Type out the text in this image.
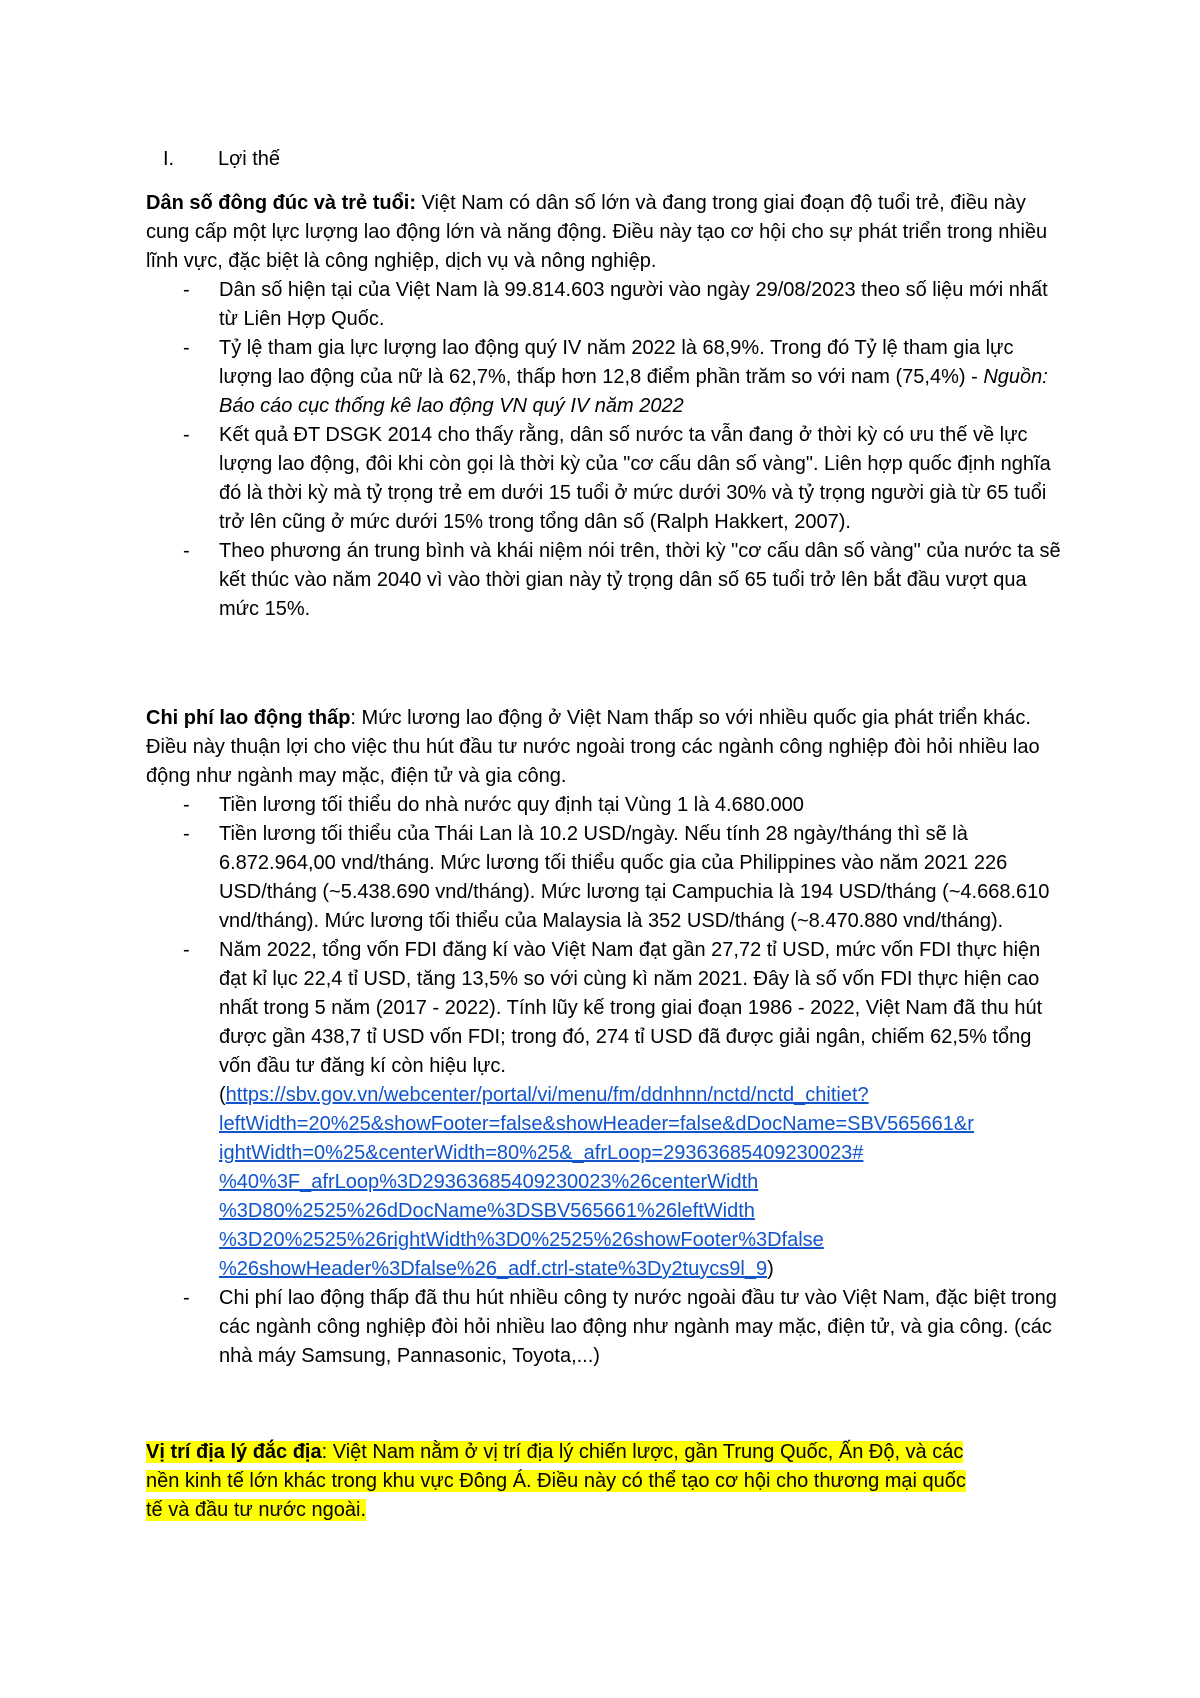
I. Lợi thế

Dân số đông đúc và trẻ tuổi: Việt Nam có dân số lớn và đang trong giai đoạn độ tuổi trẻ, điều này cung cấp một lực lượng lao động lớn và năng động. Điều này tạo cơ hội cho sự phát triển trong nhiều lĩnh vực, đặc biệt là công nghiệp, dịch vụ và nông nghiệp.

- Dân số hiện tại của Việt Nam là 99.814.603 người vào ngày 29/08/2023 theo số liệu mới nhất từ Liên Hợp Quốc.
- Tỷ lệ tham gia lực lượng lao động quý IV năm 2022 là 68,9%. Trong đó Tỷ lệ tham gia lực lượng lao động của nữ là 62,7%, thấp hơn 12,8 điểm phần trăm so với nam (75,4%) - Nguồn: Báo cáo cục thống kê lao động VN quý IV năm 2022
- Kết quả ĐT DSGK 2014 cho thấy rằng, dân số nước ta vẫn đang ở thời kỳ có ưu thế về lực lượng lao động, đôi khi còn gọi là thời kỳ của "cơ cấu dân số vàng". Liên hợp quốc định nghĩa đó là thời kỳ mà tỷ trọng trẻ em dưới 15 tuổi ở mức dưới 30% và tỷ trọng người già từ 65 tuổi trở lên cũng ở mức dưới 15% trong tổng dân số (Ralph Hakkert, 2007).
- Theo phương án trung bình và khái niệm nói trên, thời kỳ "cơ cấu dân số vàng" của nước ta sẽ kết thúc vào năm 2040 vì vào thời gian này tỷ trọng dân số 65 tuổi trở lên bắt đầu vượt qua mức 15%.

Chi phí lao động thấp: Mức lương lao động ở Việt Nam thấp so với nhiều quốc gia phát triển khác. Điều này thuận lợi cho việc thu hút đầu tư nước ngoài trong các ngành công nghiệp đòi hỏi nhiều lao động như ngành may mặc, điện tử và gia công.

- Tiền lương tối thiểu do nhà nước quy định tại Vùng 1 là 4.680.000
- Tiền lương tối thiểu của Thái Lan là 10.2 USD/ngày. Nếu tính 28 ngày/tháng thì sẽ là 6.872.964,00 vnd/tháng. Mức lương tối thiểu quốc gia của Philippines vào năm 2021 226 USD/tháng (~5.438.690 vnd/tháng). Mức lương tại Campuchia là 194 USD/tháng (~4.668.610 vnd/tháng). Mức lương tối thiểu của Malaysia là 352 USD/tháng (~8.470.880 vnd/tháng).
- Năm 2022, tổng vốn FDI đăng kí vào Việt Nam đạt gần 27,72 tỉ USD, mức vốn FDI thực hiện đạt kỉ lục 22,4 tỉ USD, tăng 13,5% so với cùng kì năm 2021. Đây là số vốn FDI thực hiện cao nhất trong 5 năm (2017 - 2022). Tính lũy kế trong giai đoạn 1986 - 2022, Việt Nam đã thu hút được gần 438,7 tỉ USD vốn FDI; trong đó, 274 tỉ USD đã được giải ngân, chiếm 62,5% tổng vốn đầu tư đăng kí còn hiệu lực.
(https://sbv.gov.vn/webcenter/portal/vi/menu/fm/ddnhnn/nctd/nctd_chitiet?
leftWidth=20%25&showFooter=false&showHeader=false&dDocName=SBV565661&r
ightWidth=0%25&centerWidth=80%25&_afrLoop=29363685409230023#
%40%3F_afrLoop%3D29363685409230023%26centerWidth
%3D80%2525%26dDocName%3DSBV565661%26leftWidth
%3D20%2525%26rightWidth%3D0%2525%26showFooter%3Dfalse
%26showHeader%3Dfalse%26_adf.ctrl-state%3Dy2tuycs9l_9)
- Chi phí lao động thấp đã thu hút nhiều công ty nước ngoài đầu tư vào Việt Nam, đặc biệt trong các ngành công nghiệp đòi hỏi nhiều lao động như ngành may mặc, điện tử, và gia công. (các nhà máy Samsung, Pannasonic, Toyota,...)

Vị trí địa lý đắc địa: Việt Nam nằm ở vị trí địa lý chiến lược, gần Trung Quốc, Ấn Độ, và các
nền kinh tế lớn khác trong khu vực Đông Á. Điều này có thể tạo cơ hội cho thương mại quốc
tế và đầu tư nước ngoài.
